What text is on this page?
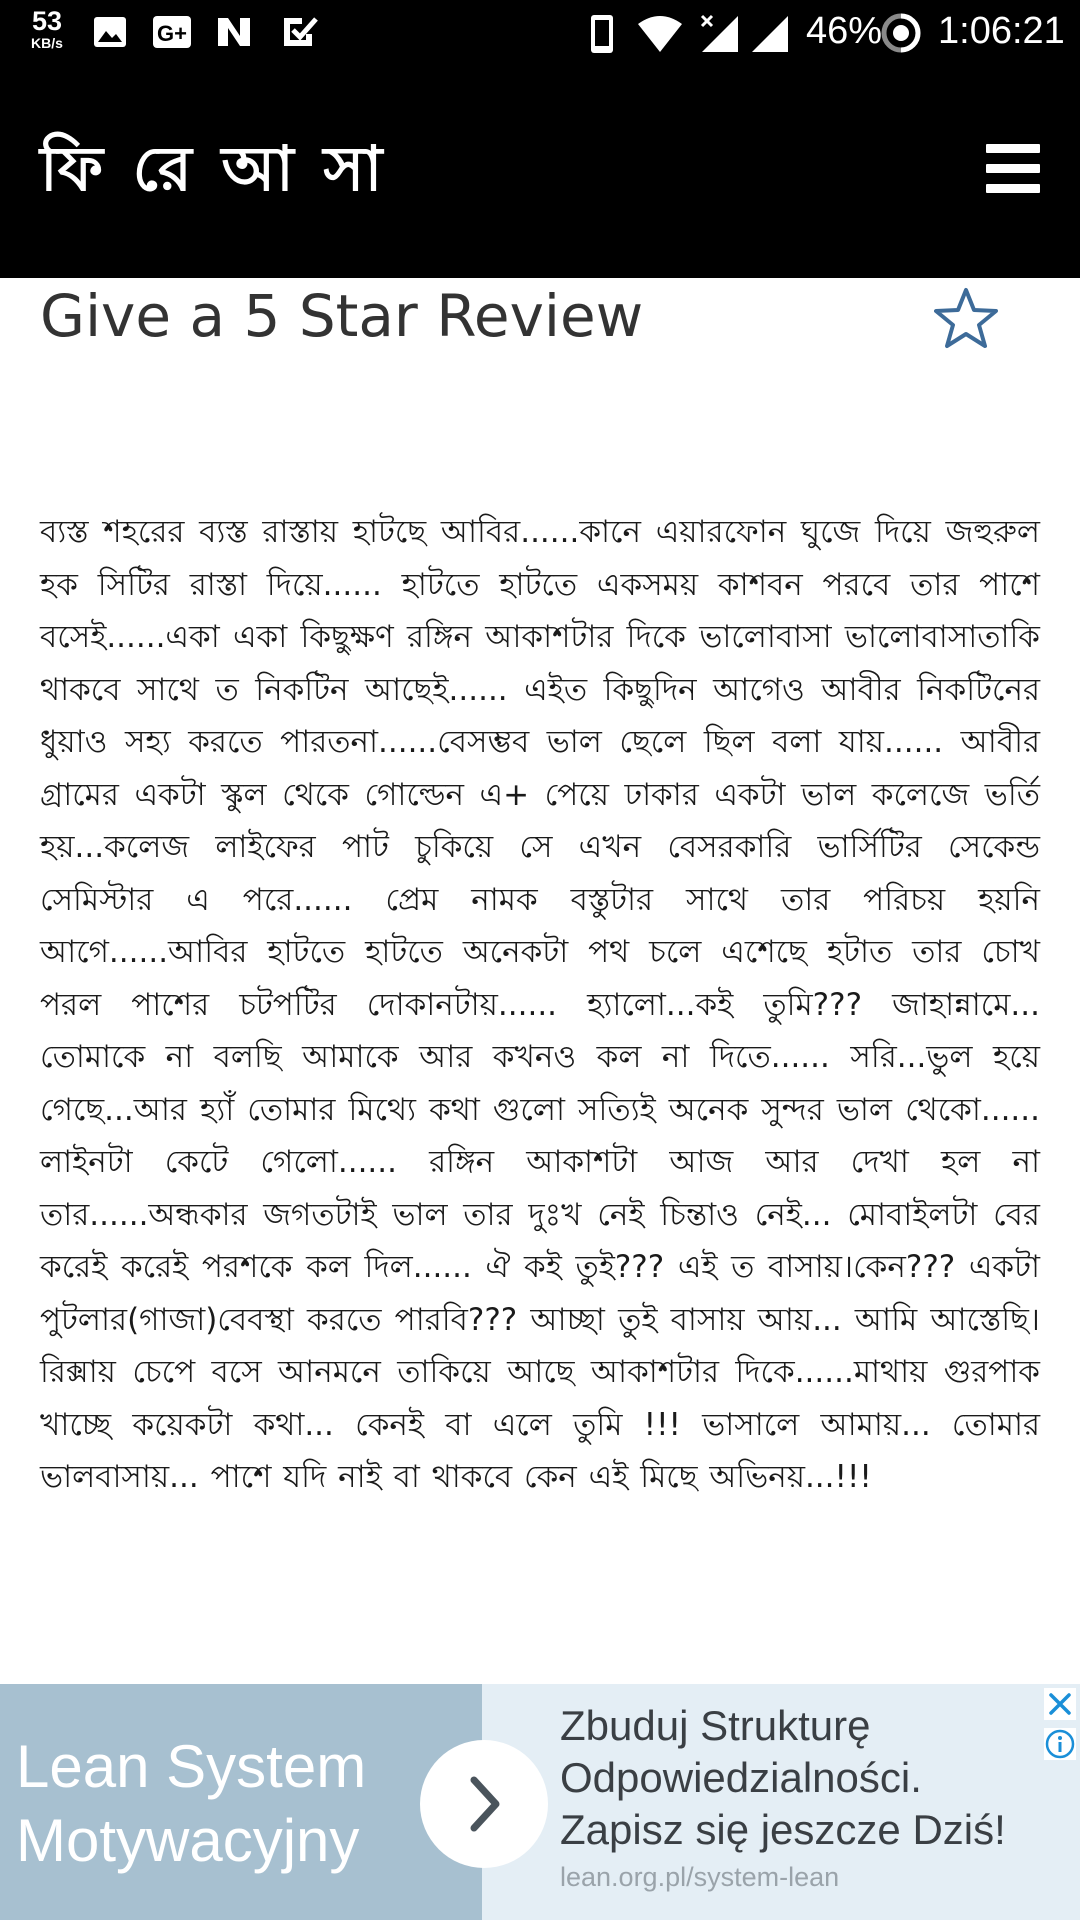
53
KB/s	G+	46% 1:06:21
ফি রে আ সা
Give a 5 Star Review
ব্যস্ত শহরের ব্যস্ত রাস্তায় হাটছে আবির......কানে এয়ারফোন ঘুজে দিয়ে জহুরুল হক সিটির রাস্তা দিয়ে...... হাটতে হাটতে একসময় কাশবন পরবে তার পাশে বসেই......একা একা কিছুক্ষণ রঙ্গিন আকাশটার দিকে ভালোবাসা ভালোবাসাতাকি থাকবে সাথে ত নিকটিন আছেই...... এইত কিছুদিন আগেও আবীর নিকটিনের ধুয়াও সহ্য করতে পারতনা......বেসম্ভব ভাল ছেলে ছিল বলা যায়...... আবীর গ্রামের একটা স্কুল থেকে গোল্ডেন এ+ পেয়ে ঢাকার একটা ভাল কলেজে ভর্তি হয়...কলেজ লাইফের পাট চুকিয়ে সে এখন বেসরকারি ভার্সিটির সেকেন্ড সেমিস্টার এ পরে...... প্রেম নামক বস্তুটার সাথে তার পরিচয় হয়নি আগে......আবির হাটতে হাটতে অনেকটা পথ চলে এশেছে হটাত তার চোখ পরল পাশের চটপটির দোকানটায়...... হ্যালো...কই তুমি??? জাহান্নামে... তোমাকে না বলছি আমাকে আর কখনও কল না দিতে...... সরি...ভুল হয়ে গেছে...আর হ্যাঁ তোমার মিথ্যে কথা গুলো সত্যিই অনেক সুন্দর ভাল থেকো...... লাইনটা কেটে গেলো...... রঙ্গিন আকাশটা আজ আর দেখা হল না তার......অন্ধকার জগতটাই ভাল তার দুঃখ নেই চিন্তাও নেই... মোবাইলটা বের করেই করেই পরশকে কল দিল...... ঐ কই তুই??? এই ত বাসায়।কেন??? একটা পুটলার(গাজা)বেবস্থা করতে পারবি??? আচ্ছা তুই বাসায় আয়... আমি আস্তেছি। রিক্সায় চেপে বসে আনমনে তাকিয়ে আছে আকাশটার দিকে......মাথায় গুরপাক খাচ্ছে কয়েকটা কথা... কেনই বা এলে তুমি !!! ভাসালে আমায়... তোমার ভালবাসায়... পাশে যদি নাই বা থাকবে কেন এই মিছে অভিনয়...!!!
Lean System
Motywacyjny
Zbuduj Strukturę
Odpowiedzialności.
Zapisz się jeszcze Dziś!
lean.org.pl/system-lean
